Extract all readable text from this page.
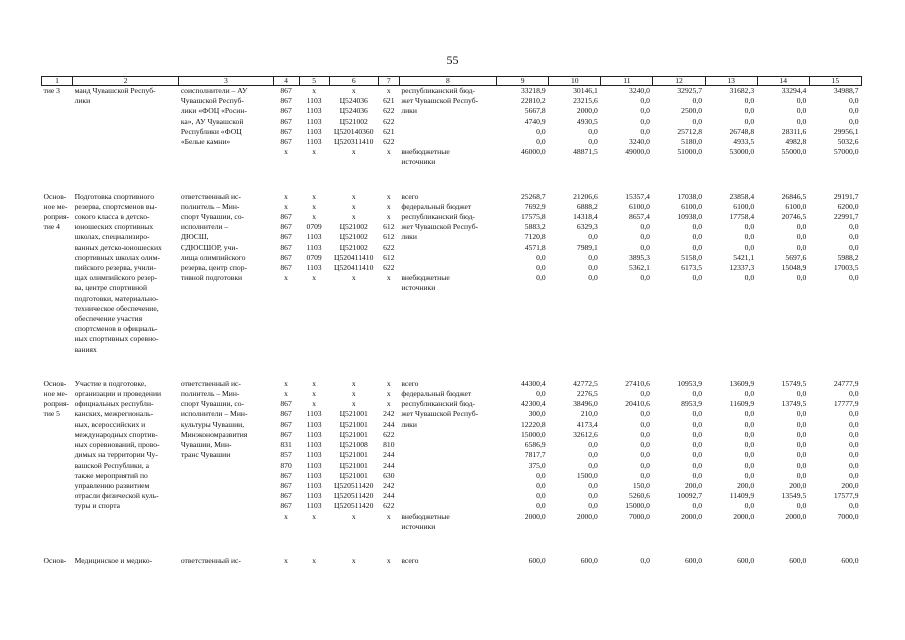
55
1	2	3	4	5	6	7	8	9	10	11	12	13	14	15
тие 3	манд Чувашской Респуб-	соисполнители – АУ	867	x	x	x	республиканский бюд-	33218,9	30146,1	3240,0	32925,7	31682,3	33294,4	34988,7
	лики	Чувашской Респуб-	867	1103	Ц524036	621	жет Чувашской Респуб-	22810,2	23215,6	0,0	0,0	0,0	0,0	0,0
		лики «ФОЦ «Росин-	867	1103	Ц524036	622	лики	5667,8	2000,0	0,0	2500,0	0,0	0,0	0,0
		ка», АУ Чувашской	867	1103	Ц521002	622		4740,9	4930,5	0,0	0,0	0,0	0,0	0,0
		Республики «ФОЦ	867	1103	Ц520140360	621		0,0	0,0	0,0	25712,8	26748,8	28311,6	29956,1
		«Белые камни»	867	1103	Ц520311410	622		0,0	0,0	3240,0	5180,0	4933,5	4982,8	5032,6
			x	x	x	x	внебюджетные	46000,0	48871,5	49000,0	51000,0	53000,0	55000,0	57000,0
							источники							

Основ-	Подготовка спортивного	ответственный ис-	x	x	x	x	всего	25268,7	21206,6	15357,4	17038,0	23858,4	26846,5	29191,7
ное ме-	резерва, спортсменов вы-	полнитель – Мин-	x	x	x	x	федеральный бюджет	7692,9	6888,2	6100,0	6100,0	6100,0	6100,0	6200,0
роприя-	сокого класса в детско-	спорт Чувашии, со-	867	x	x	x	республиканский бюд-	17575,8	14318,4	8657,4	10938,0	17758,4	20746,5	22991,7
тие 4	юношеских спортивных	исполнители –	867	0709	Ц521002	612	жет Чувашской Респуб-	5883,2	6329,3	0,0	0,0	0,0	0,0	0,0
	школах, специализиро-	ДЮСШ,	867	1103	Ц521002	612	лики	7120,8	0,0	0,0	0,0	0,0	0,0	0,0
	ванных детско-юношеских	СДЮСШОР, учи-	867	1103	Ц521002	622		4571,8	7989,1	0,0	0,0	0,0	0,0	0,0
	спортивных школах олим-	лища олимпийского	867	0709	Ц520411410	612		0,0	0,0	3895,3	5158,0	5421,1	5697,6	5988,2
	пийского резерва, учили-	резерва, центр спор-	867	1103	Ц520411410	622		0,0	0,0	5362,1	6173,5	12337,3	15048,9	17003,5
	щах олимпийского резер-	тивной подготовки	x	x	x	x	внебюджетные	0,0	0,0	0,0	0,0	0,0	0,0	0,0
	ва, центре спортивной						источники							
	подготовки, материально-													
	техническое обеспечение,													
	обеспечение участия													
	спортсменов в официаль-													
	ных спортивных соревно-													
	ваниях													

Основ-	Участие в подготовке,	ответственный ис-	x	x	x	x	всего	44300,4	42772,5	27410,6	10953,9	13609,9	15749,5	24777,9
ное ме-	организации и проведении	полнитель – Мин-	x	x	x	x	федеральный бюджет	0,0	2276,5	0,0	0,0	0,0	0,0	0,0
роприя-	официальных республи-	спорт Чувашии, со-	867	x	x	x	республиканский бюд-	42300,4	38496,0	20410,6	8953,9	11609,9	13749,5	17777,9
тие 5	канских, межрегиональ-	исполнители – Мин-	867	1103	Ц521001	242	жет Чувашской Респуб-	300,0	210,0	0,0	0,0	0,0	0,0	0,0
	ных, всероссийских и	культуры Чувашии,	867	1103	Ц521001	244	лики	12220,8	4173,4	0,0	0,0	0,0	0,0	0,0
	международных спортив-	Минэкономразвития	867	1103	Ц521001	622		15000,0	32612,6	0,0	0,0	0,0	0,0	0,0
	ных соревнований, прово-	Чувашии, Мин-	831	1103	Ц521008	810		6586,9	0,0	0,0	0,0	0,0	0,0	0,0
	димых на территории Чу-	транс Чувашии	857	1103	Ц521001	244		7817,7	0,0	0,0	0,0	0,0	0,0	0,0
	вашской Республики, а		870	1103	Ц521001	244		375,0	0,0	0,0	0,0	0,0	0,0	0,0
	также мероприятий по		867	1103	Ц521001	630		0,0	1500,0	0,0	0,0	0,0	0,0	0,0
	управлению развитием		867	1103	Ц520511420	242		0,0	0,0	150,0	200,0	200,0	200,0	200,0
	отрасли физической куль-		867	1103	Ц520511420	244		0,0	0,0	5260,6	10092,7	11409,9	13549,5	17577,9
	туры и спорта		867	1103	Ц520511420	622		0,0	0,0	15000,0	0,0	0,0	0,0	0,0
			x	x	x	x	внебюджетные	2000,0	2000,0	7000,0	2000,0	2000,0	2000,0	7000,0
							источники							

Основ-	Медицинское и медико-	ответственный ис-	x	x	x	x	всего	600,0	600,0	0,0	600,0	600,0	600,0	600,0
